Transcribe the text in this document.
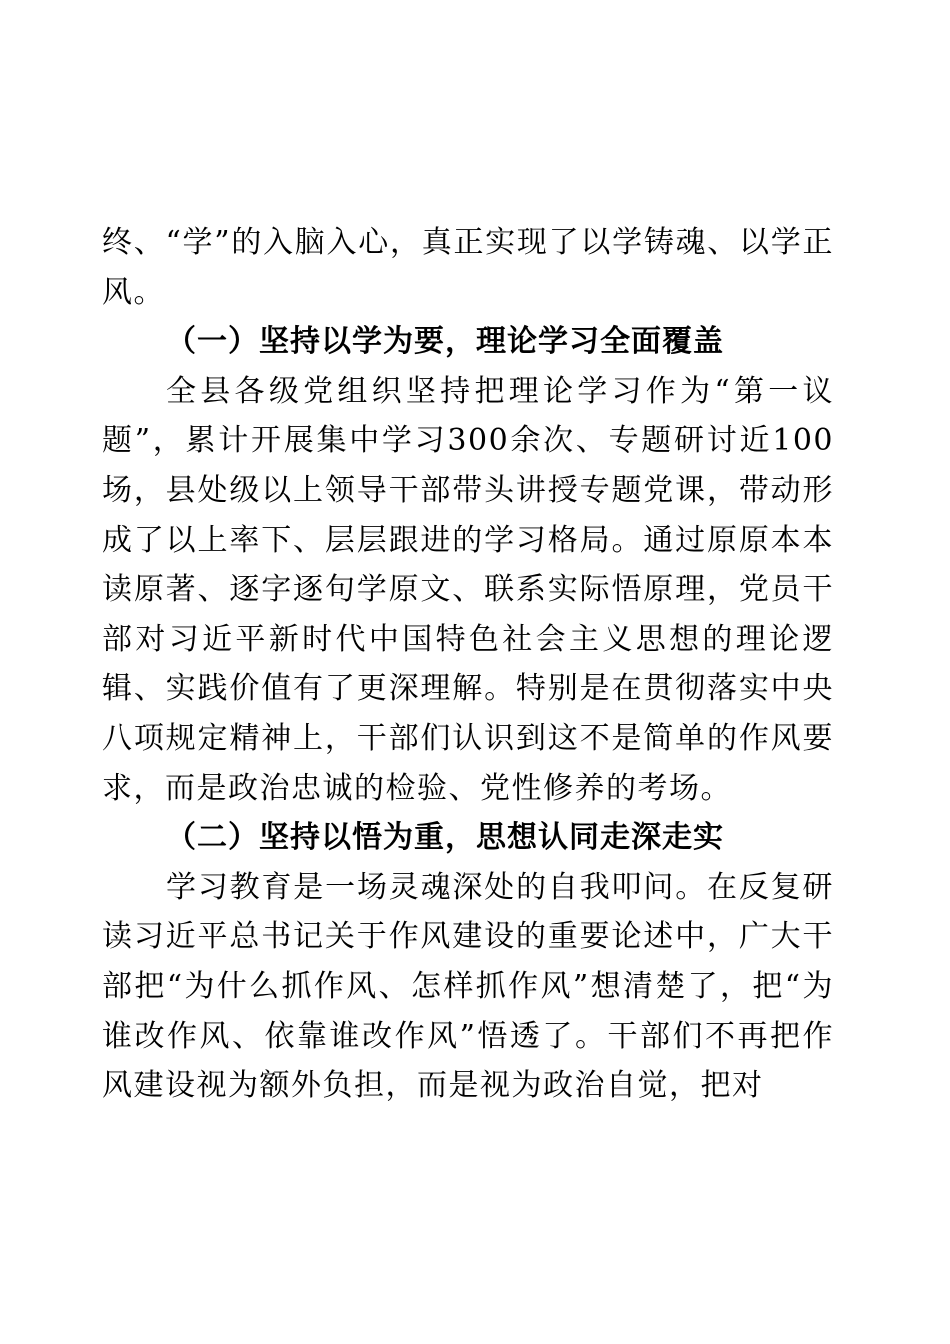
终、“学”的入脑入心，真正实现了以学铸魂、以学正风。

（一）坚持以学为要，理论学习全面覆盖

全县各级党组织坚持把理论学习作为“第一议题”，累计开展集中学习300余次、专题研讨近100场，县处级以上领导干部带头讲授专题党课，带动形成了以上率下、层层跟进的学习格局。通过原原本本读原著、逐字逐句学原文、联系实际悟原理，党员干部对习近平新时代中国特色社会主义思想的理论逻辑、实践价值有了更深理解。特别是在贯彻落实中央八项规定精神上，干部们认识到这不是简单的作风要求，而是政治忠诚的检验、党性修养的考场。

（二）坚持以悟为重，思想认同走深走实

学习教育是一场灵魂深处的自我叩问。在反复研读习近平总书记关于作风建设的重要论述中，广大干部把“为什么抓作风、怎样抓作风”想清楚了，把“为谁改作风、依靠谁改作风”悟透了。干部们不再把作风建设视为额外负担，而是视为政治自觉，把对
